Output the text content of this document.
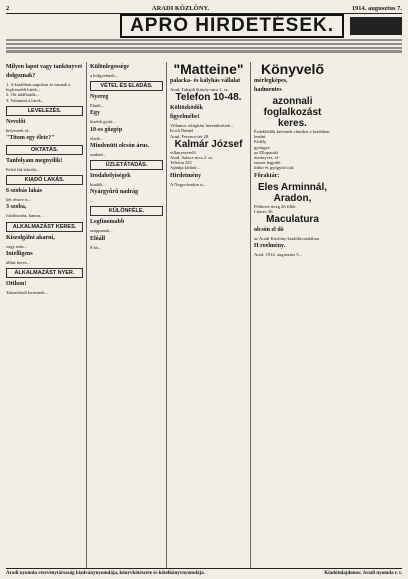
2	ARADI KÖZLÖNY.	1914. augusztus 7.
APRÓ HIRDETÉSEK.
Milyen lapot vagy tankönyvet
dolgoznak?
1. A kiadóban napokon át vannak a legfrissebb hírek...
2. Ott találhatók...
3. Valamint a hírek...
LEVELEZÉS.
Nevelőt
helyeztek el...
"Titom egy élete?"
OKTATÁS.
Tanfolyam megnyílik!
Felső fiú-iskolát...
KIADÓ LAKÁS.
6 szobás lakás
két részre is...
3 szoba,
fürdőszoba, kamra...
ALKALMAZÁST KERES.
Kiszolgálni akarni,
vagy más...
Intelligens
állást keres...
ALKALMAZÁST NYER.
Otthon!
Takarítónőt keresnek...
Különlegessége
a hölgyeknek...
VÉTEL ÉS ELADÁS.
Nyereg
Eladó...
Egy
kisebb gyári...
10-es gőzgép
eladó...
Mindenütt olcsón árus.
szabad...
ÜZLETÁTADÁS.
Irodahelyiségek
kiadók...
Nyárgyűrű nadrág
...
KÜLÖNFÉLE.
Legfinomabb
szappanok...
Elóáll
8 hó...
"Matteine"
palacka- és kályhás vállalat
Arad, Tabajdi Károly-utca 1. sz.
Telefon 10-48.
Költözködők
figyelmébe!
Villamos világítási berendezések...
Koch Dániel
Arad, Ferencz-tér 28.
Kalmár József
villanyszerelő
Arad, Salacz-utca 2. sz.
Telefon 341
Ajánlja kitűnő...
Hirdetmény
A Nagyváradon is...
Könyvelő
mérlegképes,
hadmentes
azonnali foglalkozást keres.
Érdeklődők kéretnek címüket a kiadóban leadni.
Erdély
gyöngye
az Ellopatakí
ásványvíz, el-
ismert legjobb
ilditó és gyógyító ital.
Főraktár:
Eles Arminnál,
Aradon,
Féliteres üveg 26 fillér.
Literes 36
Maculatura
olcsón el dó
az Aradi Közlöny kiadóhivatalában
H roelmény.
Arad, 1914. augusztus 5...
Aradi nyomda részvénytársaság kiadványnyomdája, könyvkötészete és kötelkönyvnyomdája.	Kiadótulajdonos: Aradi nyomda r. t.
